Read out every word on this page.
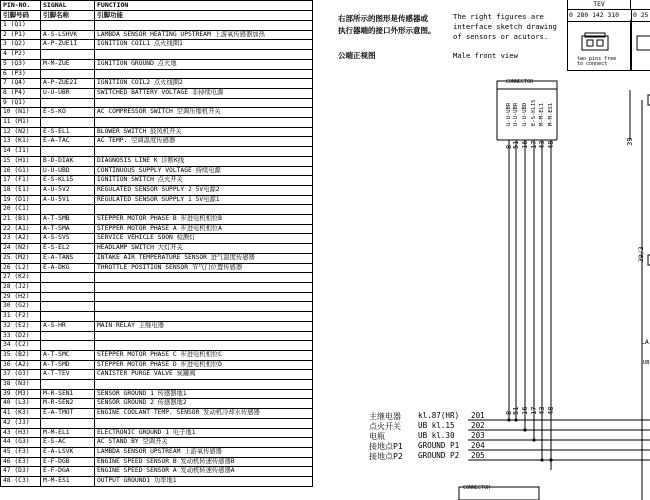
PIN-NO.	SIGNAL	FUNCTION
引脚号码	引脚名称	引脚功能
1 (Q1)		
2 (P1)	A-S-LSHVK	LAMBDA SENSOR HEATING UPSTREAM 上游氧传感器加热
3 (Q2)	A-P-ZUE1I	IGNITION COIL1 点火线圈1
4 (P2)		
5 (Q3)	M-M-ZUE	IGNITION GROUND 点火地
6 (P3)		
7 (Q4)	A-P-ZUE2I	IGNITION COIL2 点火线圈2
8 (P4)	U-U-UBR	SWITCHED BATTERY VOLTAGE 非持续电源
9 (Q1)		
10 (N1)	E-S-KO	AC COMPRESSOR SWITCH 空调压缩机开关
11 (M1)		
12 (N2)	E-S-EL1	BLOWER SWITCH 鼓风机开关
13 (K1)	E-A-TAC	AC TEMP. 空调温度传感器
14 (J1)		
15 (H1)	B-D-DIAK	DIAGNOSIS LINE K 诊断K线
16 (G1)	U-U-UBD	CONTINUOUS SUPPLY VOLTAGE 持续电源
17 (F1)	E-S-KL15	IGNITION SWITCH 点火开关
18 (E1)	A-U-5V2	REGULATED SENSOR SUPPLY 2 5V电源2
19 (D1)	A-U-5V1	REGULATED SENSOR SUPPLY 1 5V电源1
20 (C1)		
21 (B1)	A-T-SMB	STEPPER MOTOR PHASE B 步进电机相位B
22 (A1)	A-T-SMA	STEPPER MOTOR PHASE A 步进电机相位A
23 (A2)	A-S-SVS	SERVICE VEHICLE SOON 检测灯
24 (N2)	E-S-EL2	HEADLAMP SWITCH 大灯开关
25 (M2)	E-A-TANS	INTAKE AIR TEMPERATURE SENSOR 进气温度传感器
26 (L2)	E-A-DKG	THROTTLE POSITION SENSOR 节气门位置传感器
27 (K2)		
28 (J2)		
29 (H2)		
30 (G2)		
31 (F2)		
32 (E2)	A-S-HR	MAIN RELAY 主继电器
33 (D2)		
34 (C2)		
35 (B2)	A-T-SMC	STEPPER MOTOR PHASE C 步进电机相位C
36 (A2)	A-T-SMD	STEPPER MOTOR PHASE D 步进电机相位D
37 (O3)	A-T-TEV	CANISTER PURGE VALVE 炭罐阀
38 (N3)		
39 (M3)	M-R-SEN1	SENSOR GROUND 1 传感器地1
40 (L3)	M-R-SEN2	SENSOR GROUND 2 传感器地2
41 (K3)	E-A-TMOT	ENGINE COOLANT TEMP. SENSOR 发动机冷却水传感器
42 (J3)		
43 (H3)	M-M-EL1	ELECTRONIC GROUND 1 电子地1
44 (G3)	E-S-AC	AC STAND BY 空调开关
45 (F3)	E-A-LSVK	LAMBDA SENSOR UPSTREAM 上游氧传感器
46 (E3)	E-F-DGB	ENGINE SPEED SENSOR B 发动机转速传感器B
47 (D3)	E-F-DGA	ENGINE SPEED SENSOR A 发动机转速传感器A
48 (C3)	M-M-ES1	OUTPUT GROUND1 功率地1
右部所示的图形是传感器或
执行器端的接口外形示意图。
The right figures are
interface sketch drawing
of sensors or acutors.
公端正视图	Male front view
TEV
0 280 142 310	0 25
two pins free
to connect
CONNECTOR
CONNECTOR
U-U-UBR U-U-UBR U-U-UBD E-S-KL15 M-M-EL1 M-M-ES1
8 51 16 17 43 48
8 51 16 17 43 48
39
39/3
LA
UB
主继电器 kl.87(HR) 201
点火开关 UB kl.15 202
电瓶	UB kl.30 203
接地点P1 GROUND P1 204
接地点P2 GROUND P2 205
